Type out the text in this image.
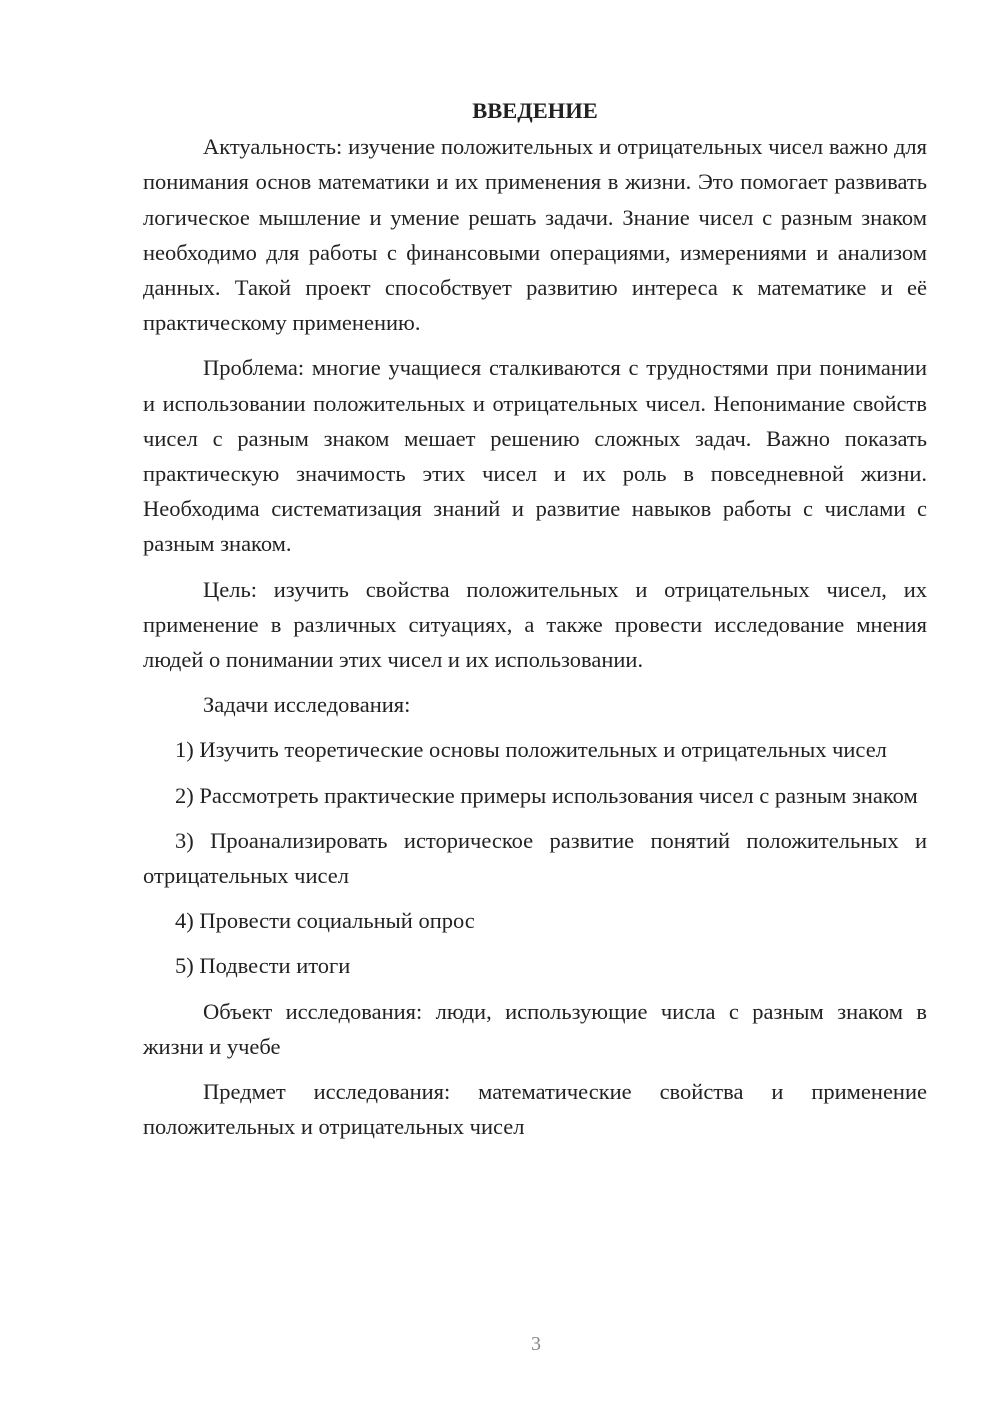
ВВЕДЕНИЕ

Актуальность: изучение положительных и отрицательных чисел важно для понимания основ математики и их применения в жизни. Это помогает развивать логическое мышление и умение решать задачи. Знание чисел с разным знаком необходимо для работы с финансовыми операциями, измерениями и анализом данных. Такой проект способствует развитию интереса к математике и её практическому применению.

Проблема: многие учащиеся сталкиваются с трудностями при понимании и использовании положительных и отрицательных чисел. Непонимание свойств чисел с разным знаком мешает решению сложных задач. Важно показать практическую значимость этих чисел и их роль в повседневной жизни. Необходима систематизация знаний и развитие навыков работы с числами с разным знаком.

Цель: изучить свойства положительных и отрицательных чисел, их применение в различных ситуациях, а также провести исследование мнения людей о понимании этих чисел и их использовании.

Задачи исследования:

1) Изучить теоретические основы положительных и отрицательных чисел

2) Рассмотреть практические примеры использования чисел с разным знаком

3) Проанализировать историческое развитие понятий положительных и отрицательных чисел

4) Провести социальный опрос

5) Подвести итоги

Объект исследования: люди, использующие числа с разным знаком в жизни и учебе

Предмет исследования: математические свойства и применение положительных и отрицательных чисел

3
